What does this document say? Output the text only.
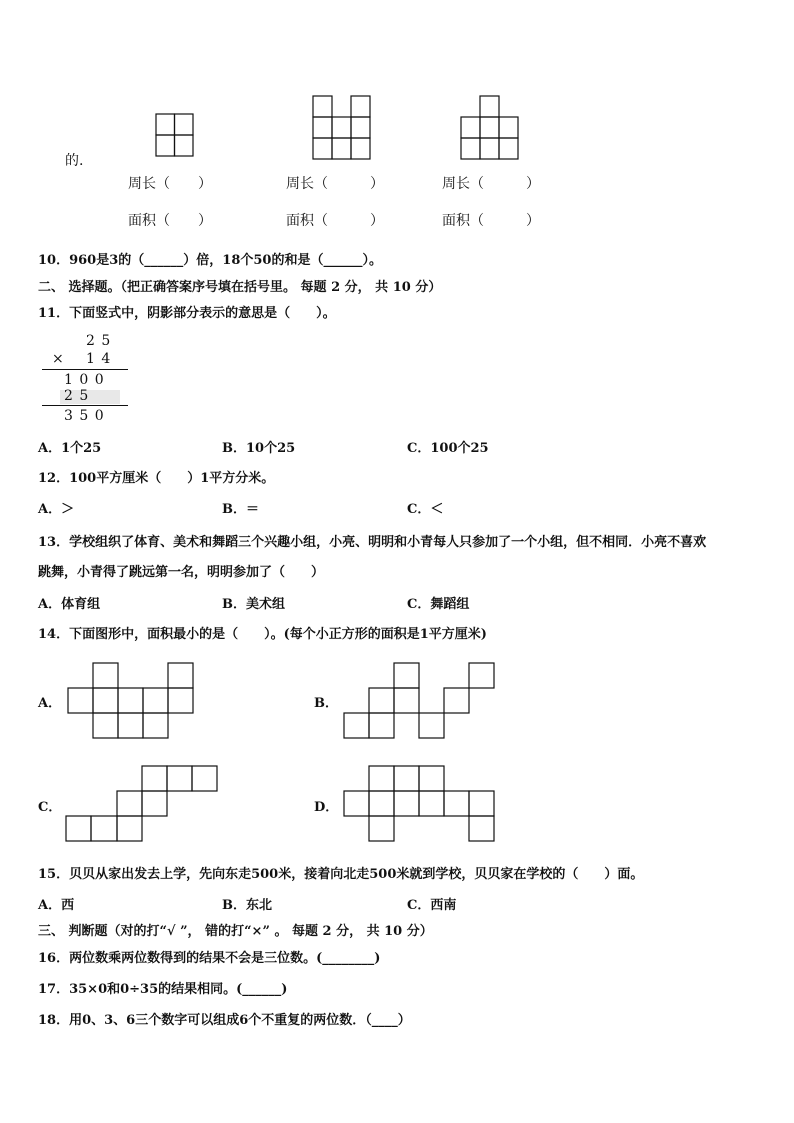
的.
周长（　　）	周长（　　　）	周长（　　　）
面积（　　）	面积（　　　）	面积（　　　）
10．960是3的（______）倍，18个50的和是（______）。
二、 选择题。（把正确答案序号填在括号里。 每题 2 分， 共 10 分）
11．下面竖式中，阴影部分表示的意思是（　　）。
2 5
× 1 4
1 0 0
2 5
3 5 0
A．1个25	B．10个25	C．100个25
12．100平方厘米（　　）1平方分米。
A．＞	B．＝	C．＜
13．学校组织了体育、美术和舞蹈三个兴趣小组，小亮、明明和小青每人只参加了一个小组，但不相同．小亮不喜欢
跳舞，小青得了跳远第一名，明明参加了（　　）
A．体育组	B．美术组	C．舞蹈组
14．下面图形中，面积最小的是（　　）。(每个小正方形的面积是1平方厘米)
A．	B．
C．	D．
15．贝贝从家出发去上学，先向东走500米，接着向北走500米就到学校，贝贝家在学校的（　　）面。
A．西	B．东北	C．西南
三、 判断题（对的打“√ ”， 错的打“×” 。 每题 2 分， 共 10 分）
16．两位数乘两位数得到的结果不会是三位数。(________)
17．35×0和0÷35的结果相同。(______)
18．用0、3、6三个数字可以组成6个不重复的两位数．（____）
